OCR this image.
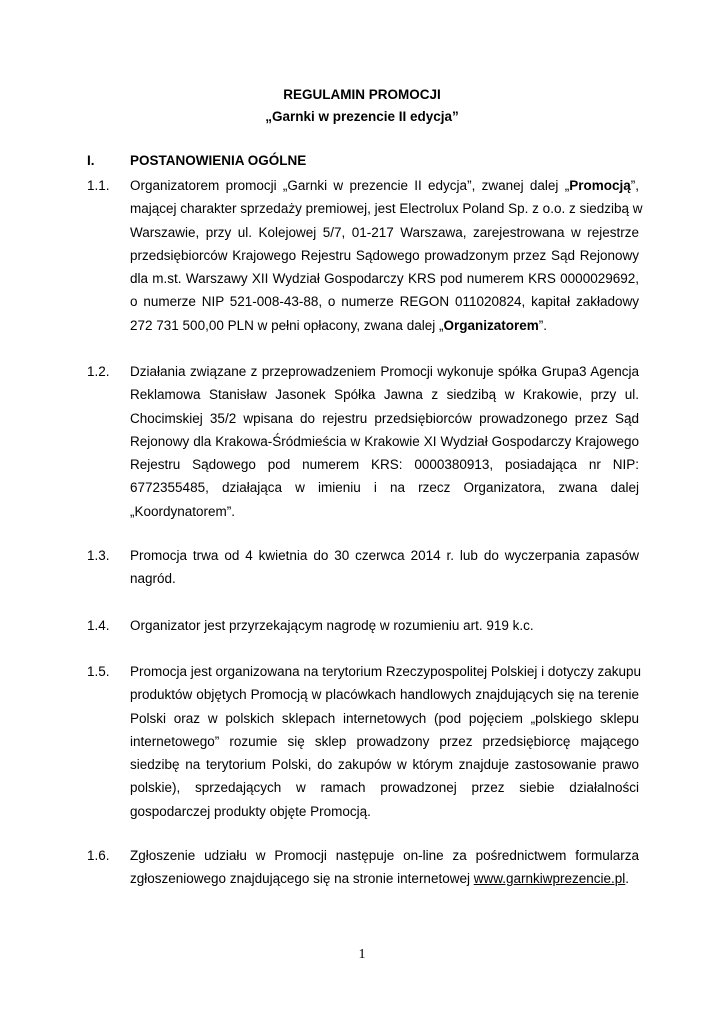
REGULAMIN PROMOCJI
„Garnki w prezencie II edycja”
I.	POSTANOWIENIA OGÓLNE
1.1. Organizatorem promocji „Garnki w prezencie II edycja”, zwanej dalej „Promocją”,
mającej charakter sprzedaży premiowej, jest Electrolux Poland Sp. z o.o. z siedzibą w
Warszawie, przy ul. Kolejowej 5/7, 01-217 Warszawa, zarejestrowana w rejestrze
przedsiębiorców Krajowego Rejestru Sądowego prowadzonym przez Sąd Rejonowy
dla m.st. Warszawy XII Wydział Gospodarczy KRS pod numerem KRS 0000029692,
o numerze NIP 521-008-43-88, o numerze REGON 011020824, kapitał zakładowy
272 731 500,00 PLN w pełni opłacony, zwana dalej „Organizatorem”.
1.2. Działania związane z przeprowadzeniem Promocji wykonuje spółka Grupa3 Agencja
Reklamowa Stanisław Jasonek Spółka Jawna z siedzibą w Krakowie, przy ul.
Chocimskiej 35/2 wpisana do rejestru przedsiębiorców prowadzonego przez Sąd
Rejonowy dla Krakowa-Śródmieścia w Krakowie XI Wydział Gospodarczy Krajowego
Rejestru Sądowego pod numerem KRS: 0000380913, posiadająca nr NIP:
6772355485, działająca w imieniu i na rzecz Organizatora, zwana dalej
„Koordynatorem”.
1.3. Promocja trwa od 4 kwietnia do 30 czerwca 2014 r. lub do wyczerpania zapasów
nagród.
1.4. Organizator jest przyrzekającym nagrodę w rozumieniu art. 919 k.c.
1.5. Promocja jest organizowana na terytorium Rzeczypospolitej Polskiej i dotyczy zakupu
produktów objętych Promocją w placówkach handlowych znajdujących się na terenie
Polski oraz w polskich sklepach internetowych (pod pojęciem „polskiego sklepu
internetowego” rozumie się sklep prowadzony przez przedsiębiorcę mającego
siedzibę na terytorium Polski, do zakupów w którym znajduje zastosowanie prawo
polskie), sprzedających w ramach prowadzonej przez siebie działalności
gospodarczej produkty objęte Promocją.
1.6. Zgłoszenie udziału w Promocji następuje on-line za pośrednictwem formularza
zgłoszeniowego znajdującego się na stronie internetowej www.garnkiwprezencie.pl.
1
